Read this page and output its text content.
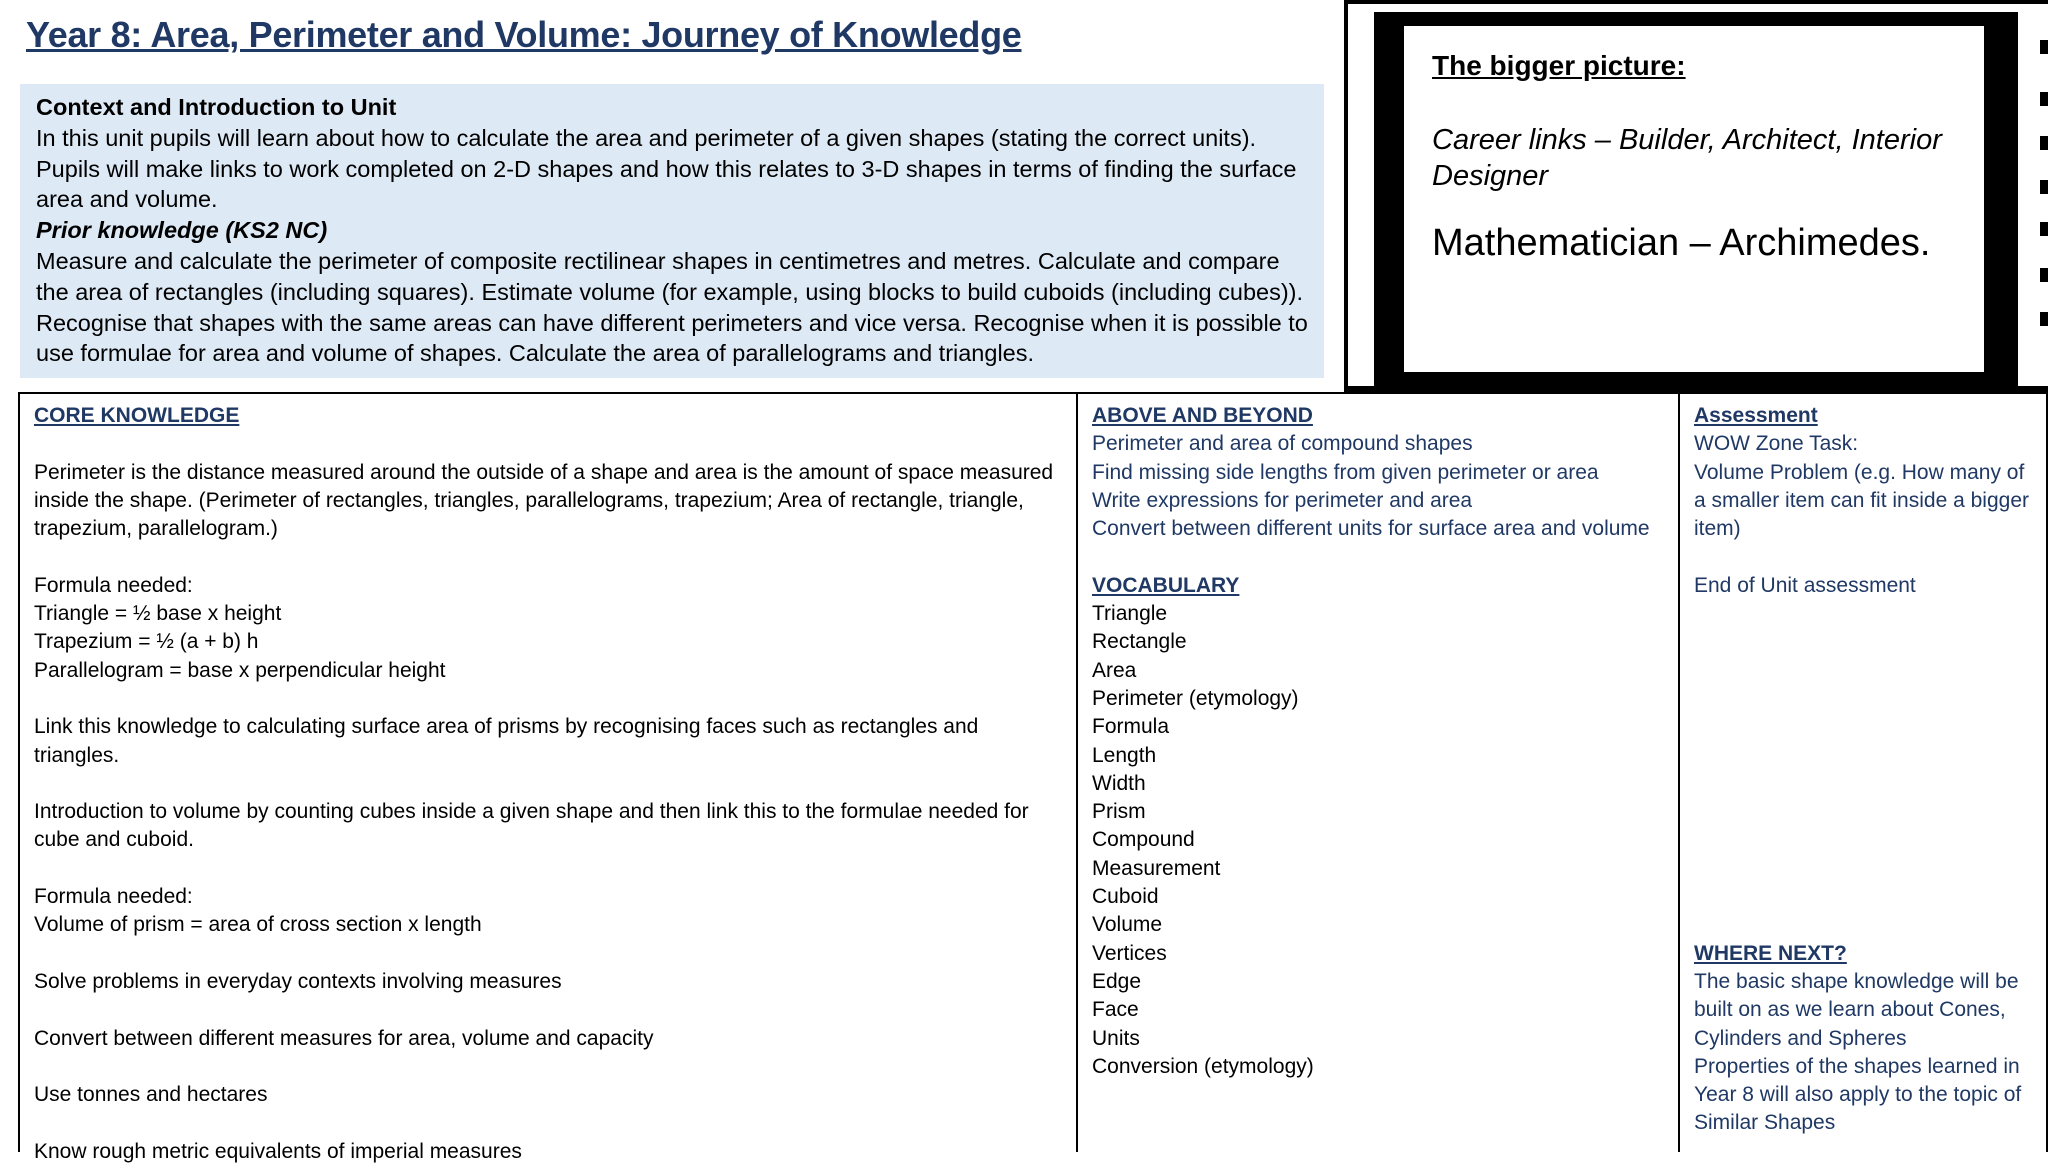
Year 8: Area, Perimeter and Volume: Journey of Knowledge
Context and Introduction to Unit

In this unit pupils will learn about how to calculate the area and perimeter of a given shapes (stating the correct units). Pupils will make links to work completed on 2-D shapes and how this relates to 3-D shapes in terms of finding the surface area and volume.

Prior knowledge (KS2 NC)

Measure and calculate the perimeter of composite rectilinear shapes in centimetres and metres. Calculate and compare the area of rectangles (including squares). Estimate volume (for example, using blocks to build cuboids (including cubes)). Recognise that shapes with the same areas can have different perimeters and vice versa. Recognise when it is possible to use formulae for area and volume of shapes. Calculate the area of parallelograms and triangles.

The bigger picture:
Career links – Builder, Architect, Interior Designer
Mathematician – Archimedes.
CORE KNOWLEDGE
Perimeter is the distance measured around the outside of a shape and area is the amount of space measured inside the shape. (Perimeter of rectangles, triangles, parallelograms, trapezium; Area of rectangle, triangle, trapezium, parallelogram.)
Formula needed:
Triangle = ½ base x height
Trapezium = ½ (a + b) h
Parallelogram = base x perpendicular height
Link this knowledge to calculating surface area of prisms by recognising faces such as rectangles and triangles.
Introduction to volume by counting cubes inside a given shape and then link this to the formulae needed for cube and cuboid.
Formula needed:
Volume of prism = area of cross section x length
Solve problems in everyday contexts involving measures
Convert between different measures for area, volume and capacity
Use tonnes and hectares
Know rough metric equivalents of imperial measures
ABOVE AND BEYOND
Perimeter and area of compound shapes
Find missing side lengths from given perimeter or area
Write expressions for perimeter and area
Convert between different units for surface area and volume
VOCABULARY
Triangle
Rectangle
Area
Perimeter (etymology)
Formula
Length
Width
Prism
Compound
Measurement
Cuboid
Volume
Vertices
Edge
Face
Units
Conversion (etymology)
Assessment
WOW Zone Task:
Volume Problem (e.g. How many of a smaller item can fit inside a bigger item)
End of Unit assessment
WHERE NEXT?
The basic shape knowledge will be built on as we learn about Cones, Cylinders and Spheres
Properties of the shapes learned in Year 8 will also apply to the topic of Similar Shapes
